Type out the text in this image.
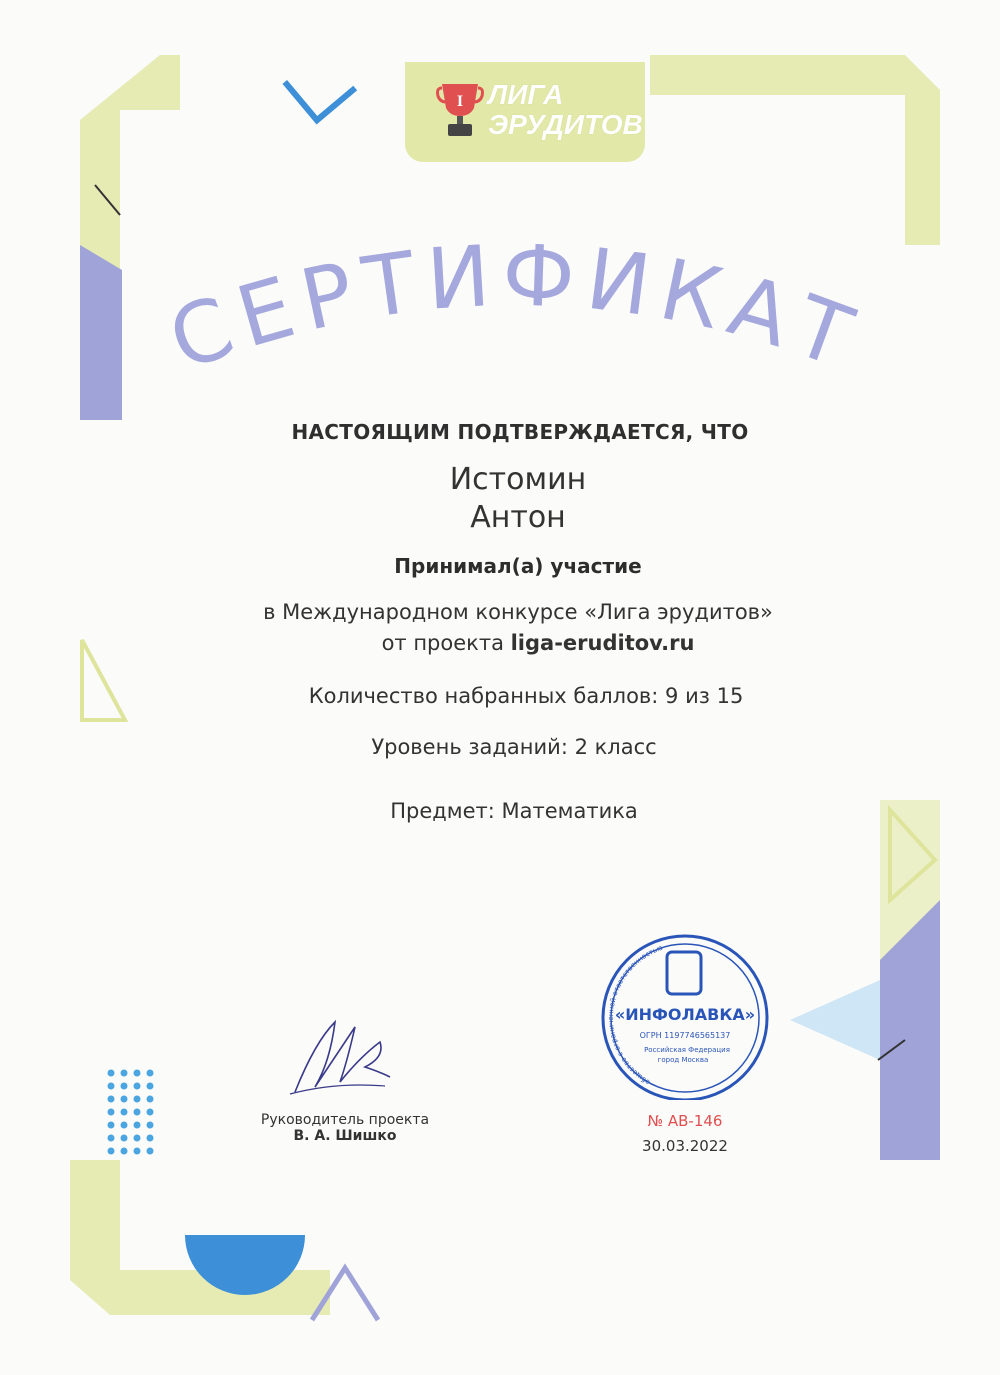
I ЛИГА
ЭРУДИТОВ
СЕРТИФИКАТ
НАСТОЯЩИМ ПОДТВЕРЖДАЕТСЯ, ЧТО
Истомин
Антон
Принимал(а) участие
в Международном конкурсе «Лига эрудитов»
от проекта liga-eruditov.ru
Количество набранных баллов: 9 из 15
Уровень заданий: 2 класс
Предмет: Математика
Руководитель проекта
В. А. Шишко
общество с ограниченной ответственностью
«ИНФОЛАВКА»
ОГРН 1197746565137
Российская Федерация
город Москва
№ АВ-146
30.03.2022
